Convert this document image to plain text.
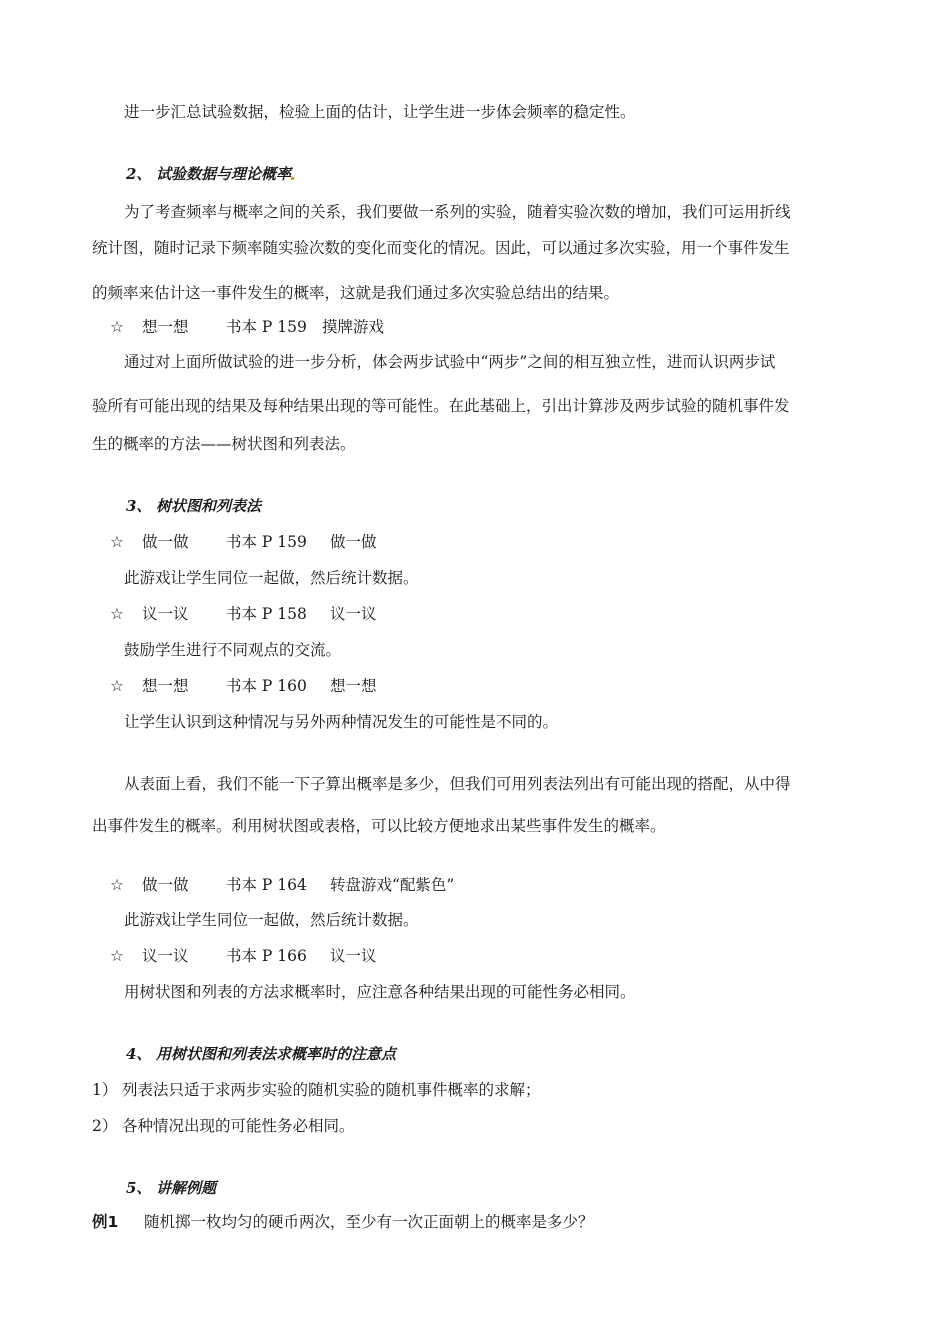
进一步汇总试验数据，检验上面的估计，让学生进一步体会频率的稳定性。
2、 试验数据与理论概率
为了考查频率与概率之间的关系，我们要做一系列的实验，随着实验次数的增加，我们可运用折线
统计图，随时记录下频率随实验次数的变化而变化的情况。因此，可以通过多次实验，用一个事件发生
的频率来估计这一事件发生的概率，这就是我们通过多次实验总结出的结果。
☆ 想一想 书本 P 159 摸牌游戏
通过对上面所做试验的进一步分析，体会两步试验中“两步”之间的相互独立性，进而认识两步试
验所有可能出现的结果及每种结果出现的等可能性。在此基础上，引出计算涉及两步试验的随机事件发
生的概率的方法——树状图和列表法。
3、 树状图和列表法
☆ 做一做 书本 P 159 做一做
此游戏让学生同位一起做，然后统计数据。
☆ 议一议 书本 P 158 议一议
鼓励学生进行不同观点的交流。
☆ 想一想 书本 P 160 想一想
让学生认识到这种情况与另外两种情况发生的可能性是不同的。
从表面上看，我们不能一下子算出概率是多少，但我们可用列表法列出有可能出现的搭配，从中得
出事件发生的概率。利用树状图或表格，可以比较方便地求出某些事件发生的概率。
☆ 做一做 书本 P 164 转盘游戏“配紫色”
此游戏让学生同位一起做，然后统计数据。
☆ 议一议 书本 P 166 议一议
用树状图和列表的方法求概率时，应注意各种结果出现的可能性务必相同。
4、 用树状图和列表法求概率时的注意点
1） 列表法只适于求两步实验的随机实验的随机事件概率的求解；
2） 各种情况出现的可能性务必相同。
5、 讲解例题
例1 随机掷一枚均匀的硬币两次，至少有一次正面朝上的概率是多少？
